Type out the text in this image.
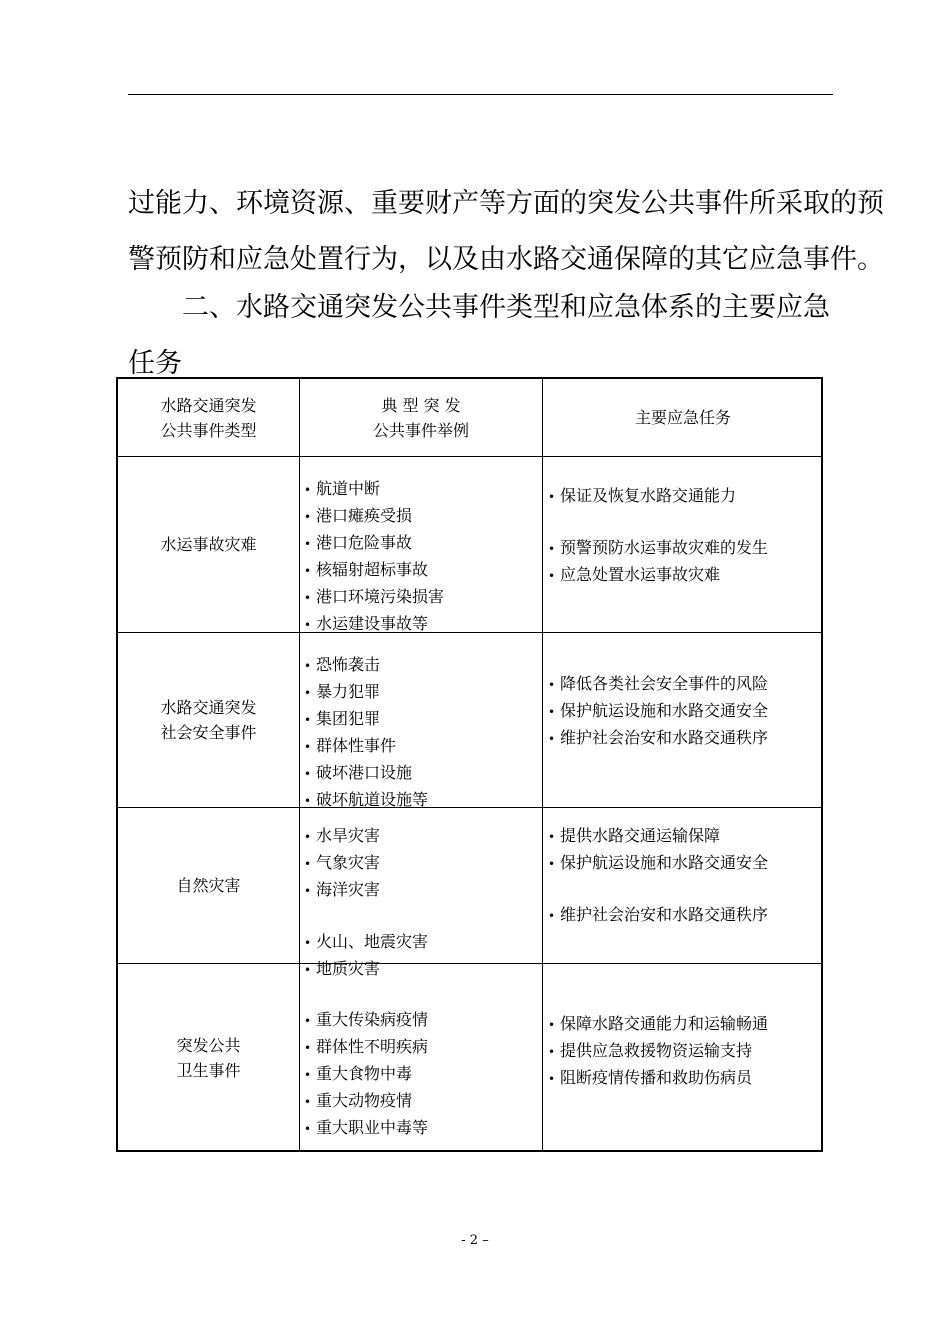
过能力、环境资源、重要财产等方面的突发公共事件所采取的预
警预防和应急处置行为，以及由水路交通保障的其它应急事件。
二、水路交通突发公共事件类型和应急体系的主要应急任务
水路交通突发
公共事件类型
典 型 突 发
公共事件举例
主要应急任务
水运事故灾难
• 航道中断
• 港口瘫痪受损
• 港口危险事故
• 核辐射超标事故
• 港口环境污染损害
• 水运建设事故等
• 保证及恢复水路交通能力
• 预警预防水运事故灾难的发生
• 应急处置水运事故灾难
水路交通突发
社会安全事件
• 恐怖袭击
• 暴力犯罪
• 集团犯罪
• 群体性事件
• 破坏港口设施
• 破坏航道设施等
• 降低各类社会安全事件的风险
• 保护航运设施和水路交通安全
• 维护社会治安和水路交通秩序
自然灾害
• 水旱灾害
• 气象灾害
• 海洋灾害
• 火山、地震灾害
• 地质灾害
• 提供水路交通运输保障
• 保护航运设施和水路交通安全
• 维护社会治安和水路交通秩序
突发公共
卫生事件
• 重大传染病疫情
• 群体性不明疾病
• 重大食物中毒
• 重大动物疫情
• 重大职业中毒等
• 保障水路交通能力和运输畅通
• 提供应急救援物资运输支持
• 阻断疫情传播和救助伤病员
- 2 –
